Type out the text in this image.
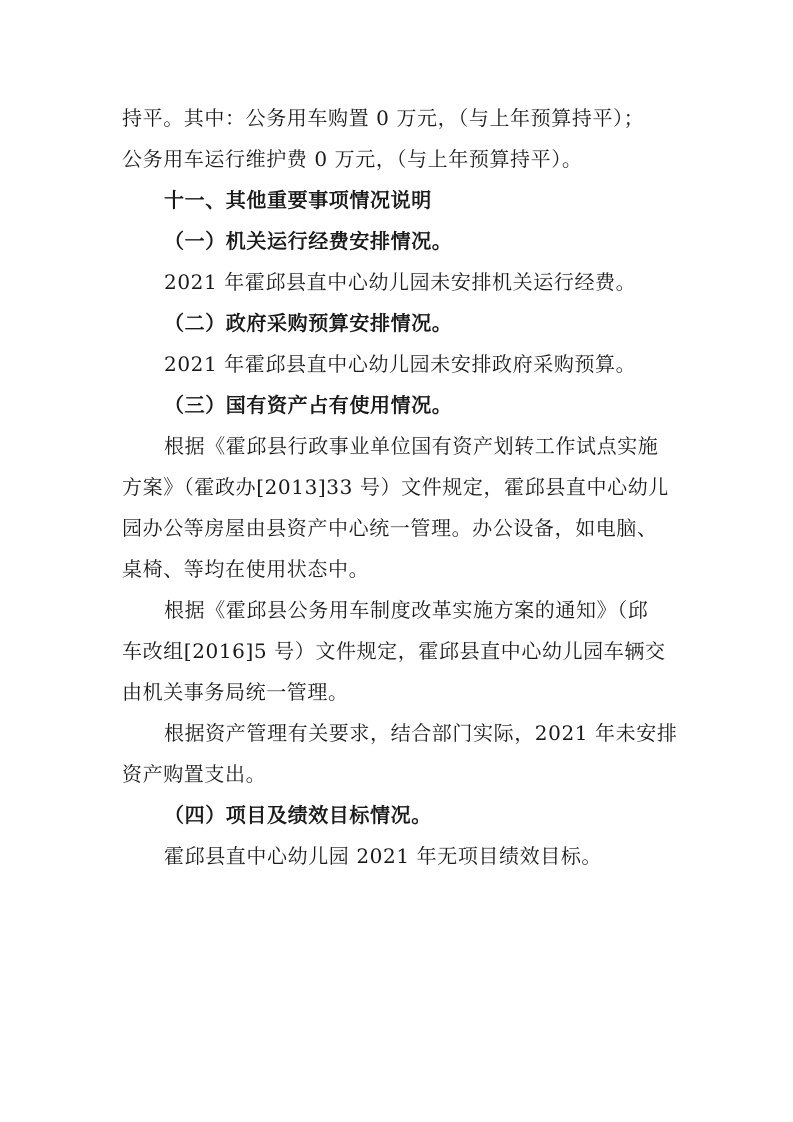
持平。其中：公务用车购置 0 万元，（与上年预算持平）；
公务用车运行维护费 0 万元，（与上年预算持平）。
十一、其他重要事项情况说明
（一）机关运行经费安排情况。
2021 年霍邱县直中心幼儿园未安排机关运行经费。
（二）政府采购预算安排情况。
2021 年霍邱县直中心幼儿园未安排政府采购预算。
（三）国有资产占有使用情况。
根据《霍邱县行政事业单位国有资产划转工作试点实施
方案》（霍政办[2013]33 号）文件规定，霍邱县直中心幼儿
园办公等房屋由县资产中心统一管理。办公设备，如电脑、
桌椅、等均在使用状态中。
根据《霍邱县公务用车制度改革实施方案的通知》（邱
车改组[2016]5 号）文件规定，霍邱县直中心幼儿园车辆交
由机关事务局统一管理。
根据资产管理有关要求，结合部门实际，2021 年未安排
资产购置支出。
（四）项目及绩效目标情况。
霍邱县直中心幼儿园 2021 年无项目绩效目标。
